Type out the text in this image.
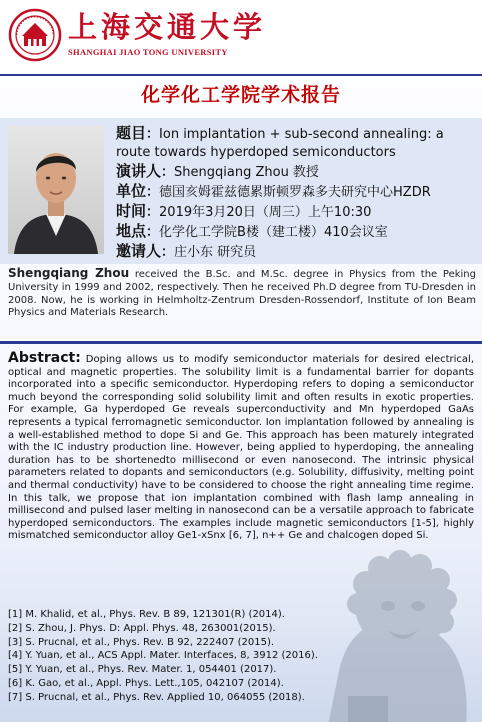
上海交通大学
SHANGHAI JIAO TONG UNIVERSITY
化学化工学院学术报告
题目：Ion implantation + sub-second annealing: a route towards hyperdoped semiconductors
演讲人：Shengqiang Zhou 教授
单位：德国亥姆霍兹德累斯顿罗森多夫研究中心HZDR
时间：2019年3月20日（周三）上午10:30
地点：化学化工学院B楼（建工楼）410会议室
邀请人：庄小东 研究员
Shengqiang Zhou received the B.Sc. and M.Sc. degree in Physics from the Peking University in 1999 and 2002, respectively. Then he received Ph.D degree from TU-Dresden in 2008. Now, he is working in Helmholtz-Zentrum Dresden-Rossendorf, Institute of Ion Beam Physics and Materials Research.
Abstract: Doping allows us to modify semiconductor materials for desired electrical, optical and magnetic properties. The solubility limit is a fundamental barrier for dopants incorporated into a specific semiconductor. Hyperdoping refers to doping a semiconductor much beyond the corresponding solid solubility limit and often results in exotic properties. For example, Ga hyperdoped Ge reveals superconductivity and Mn hyperdoped GaAs represents a typical ferromagnetic semiconductor. Ion implantation followed by annealing is a well-established method to dope Si and Ge. This approach has been maturely integrated with the IC industry production line. However, being applied to hyperdoping, the annealing duration has to be shortenedto millisecond or even nanosecond. The intrinsic physical parameters related to dopants and semiconductors (e.g. Solubility, diffusivity, melting point and thermal conductivity) have to be considered to choose the right annealing time regime. In this talk, we propose that ion implantation combined with flash lamp annealing in millisecond and pulsed laser melting in nanosecond can be a versatile approach to fabricate hyperdoped semiconductors. The examples include magnetic semiconductors [1-5], highly mismatched semiconductor alloy Ge1-xSnx [6, 7], n++ Ge and chalcogen doped Si.
[1] M. Khalid, et al., Phys. Rev. B 89, 121301(R) (2014).
[2] S. Zhou, J. Phys. D: Appl. Phys. 48, 263001(2015).
[3] S. Prucnal, et al., Phys. Rev. B 92, 222407 (2015).
[4] Y. Yuan, et al., ACS Appl. Mater. Interfaces, 8, 3912 (2016).
[5] Y. Yuan, et al., Phys. Rev. Mater. 1, 054401 (2017).
[6] K. Gao, et al., Appl. Phys. Lett.,105, 042107 (2014).
[7] S. Prucnal, et al., Phys. Rev. Applied 10, 064055 (2018).
